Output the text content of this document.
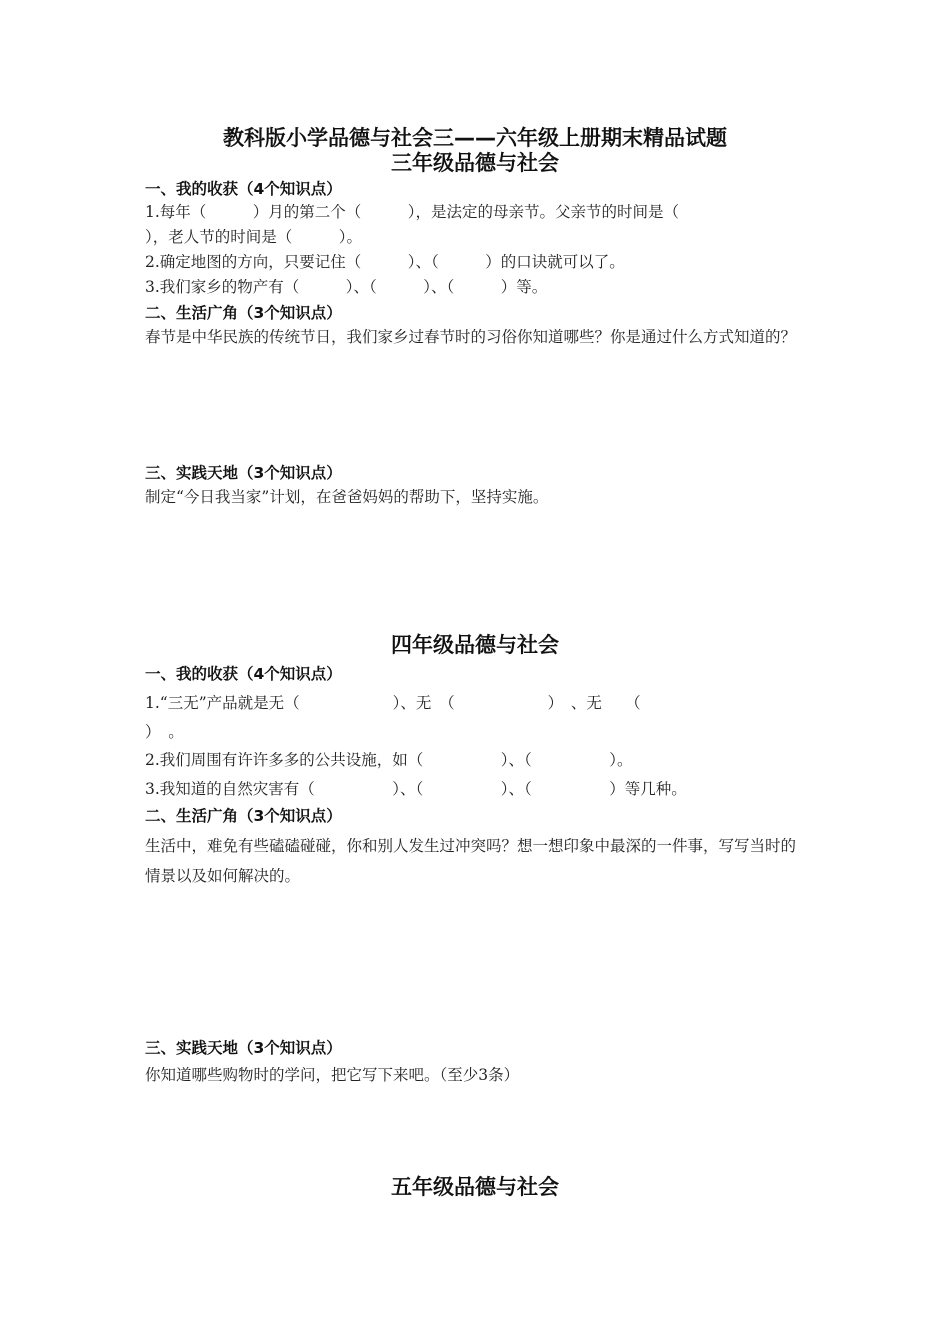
教科版小学品德与社会三——六年级上册期末精品试题
三年级品德与社会
一、我的收获（4个知识点）
1.每年（　　　）月的第二个（　　　），是法定的母亲节。父亲节的时间是（
），老人节的时间是（　　　）。
2.确定地图的方向，只要记住（　　　）、（　　　）的口诀就可以了。
3.我们家乡的物产有（　　　）、（　　　）、（　　　）等。
二、生活广角（3个知识点）
春节是中华民族的传统节日，我们家乡过春节时的习俗你知道哪些？你是通过什么方式知道的？
三、实践天地（3个知识点）
制定“今日我当家”计划，在爸爸妈妈的帮助下，坚持实施。
四年级品德与社会
一、我的收获（4个知识点）
1.“三无”产品就是无（　　　　　　）、无　（　　　　　　）　、无　　（
）　。
2.我们周围有许许多多的公共设施，如（　　　　　）、（　　　　　）。
3.我知道的自然灾害有（　　　　　）、（　　　　　）、（　　　　　）等几种。
二、生活广角（3个知识点）
生活中，难免有些磕磕碰碰，你和别人发生过冲突吗？想一想印象中最深的一件事，写写当时的情景以及如何解决的。
三、实践天地（3个知识点）
你知道哪些购物时的学问，把它写下来吧。（至少3条）
五年级品德与社会
